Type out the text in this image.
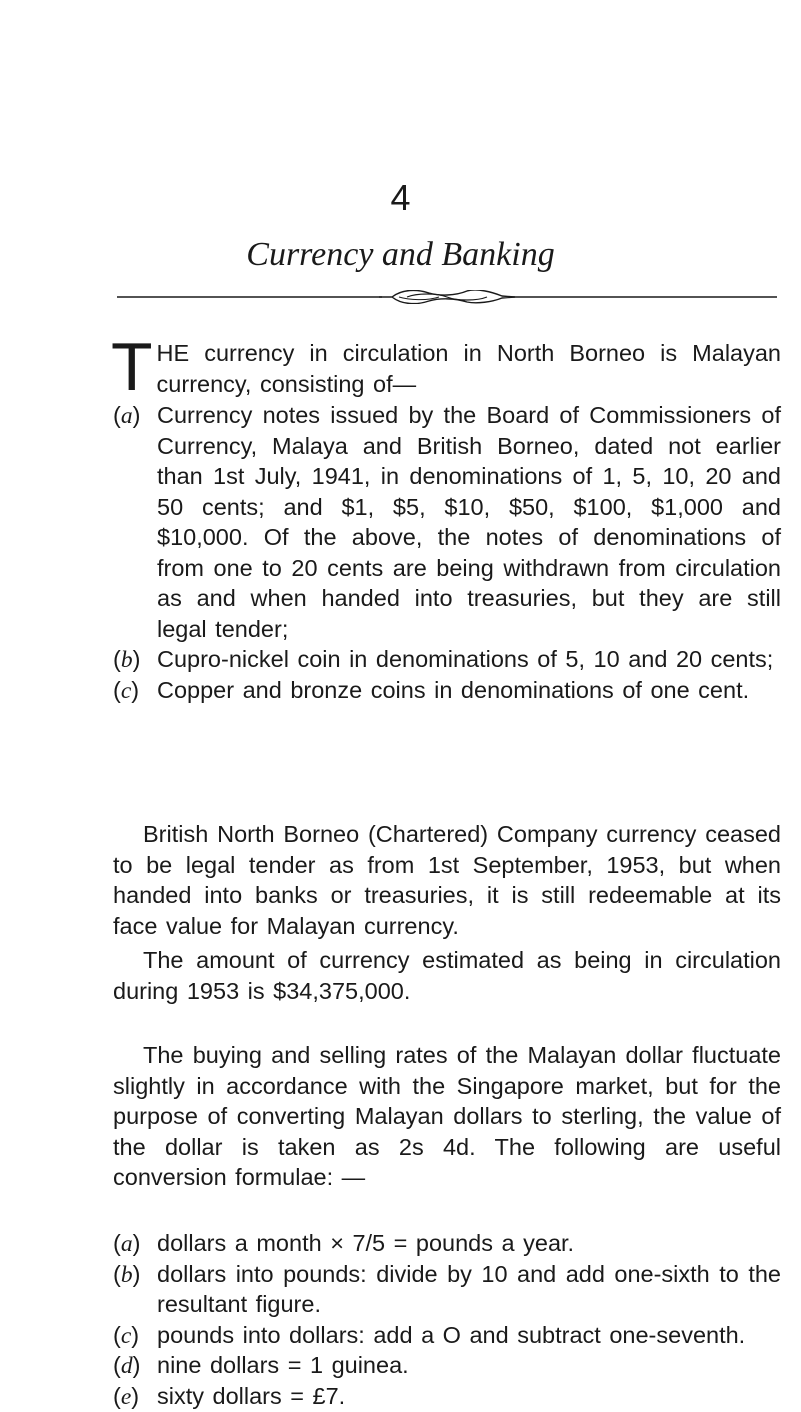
4
Currency and Banking
T HE currency in circulation in North Borneo is Malayan
currency, consisting of—
(a) Currency notes issued by the Board of Commissioners of Currency, Malaya and British Borneo, dated not earlier than 1st July, 1941, in denominations of 1, 5, 10, 20 and 50 cents; and $1, $5, $10, $50, $100, $1,000 and $10,000. Of the above, the notes of denominations of from one to 20 cents are being withdrawn from circulation as and when handed into treasuries, but they are still legal tender;
(b) Cupro-nickel coin in denominations of 5, 10 and 20 cents;
(c) Copper and bronze coins in denominations of one cent.

British North Borneo (Chartered) Company currency ceased to be legal tender as from 1st September, 1953, but when handed into banks or treasuries, it is still redeemable at its face value for Malayan currency.

The amount of currency estimated as being in circulation during 1953 is $34,375,000.

The buying and selling rates of the Malayan dollar fluctuate slightly in accordance with the Singapore market, but for the purpose of converting Malayan dollars to sterling, the value of the dollar is taken as 2s 4d. The following are useful conversion formulae: —

(a) dollars a month × 7/5 = pounds a year.
(b) dollars into pounds: divide by 10 and add one-sixth to the resultant figure.
(c) pounds into dollars: add a O and subtract one-seventh.
(d) nine dollars = 1 guinea.
(e) sixty dollars = £7.
